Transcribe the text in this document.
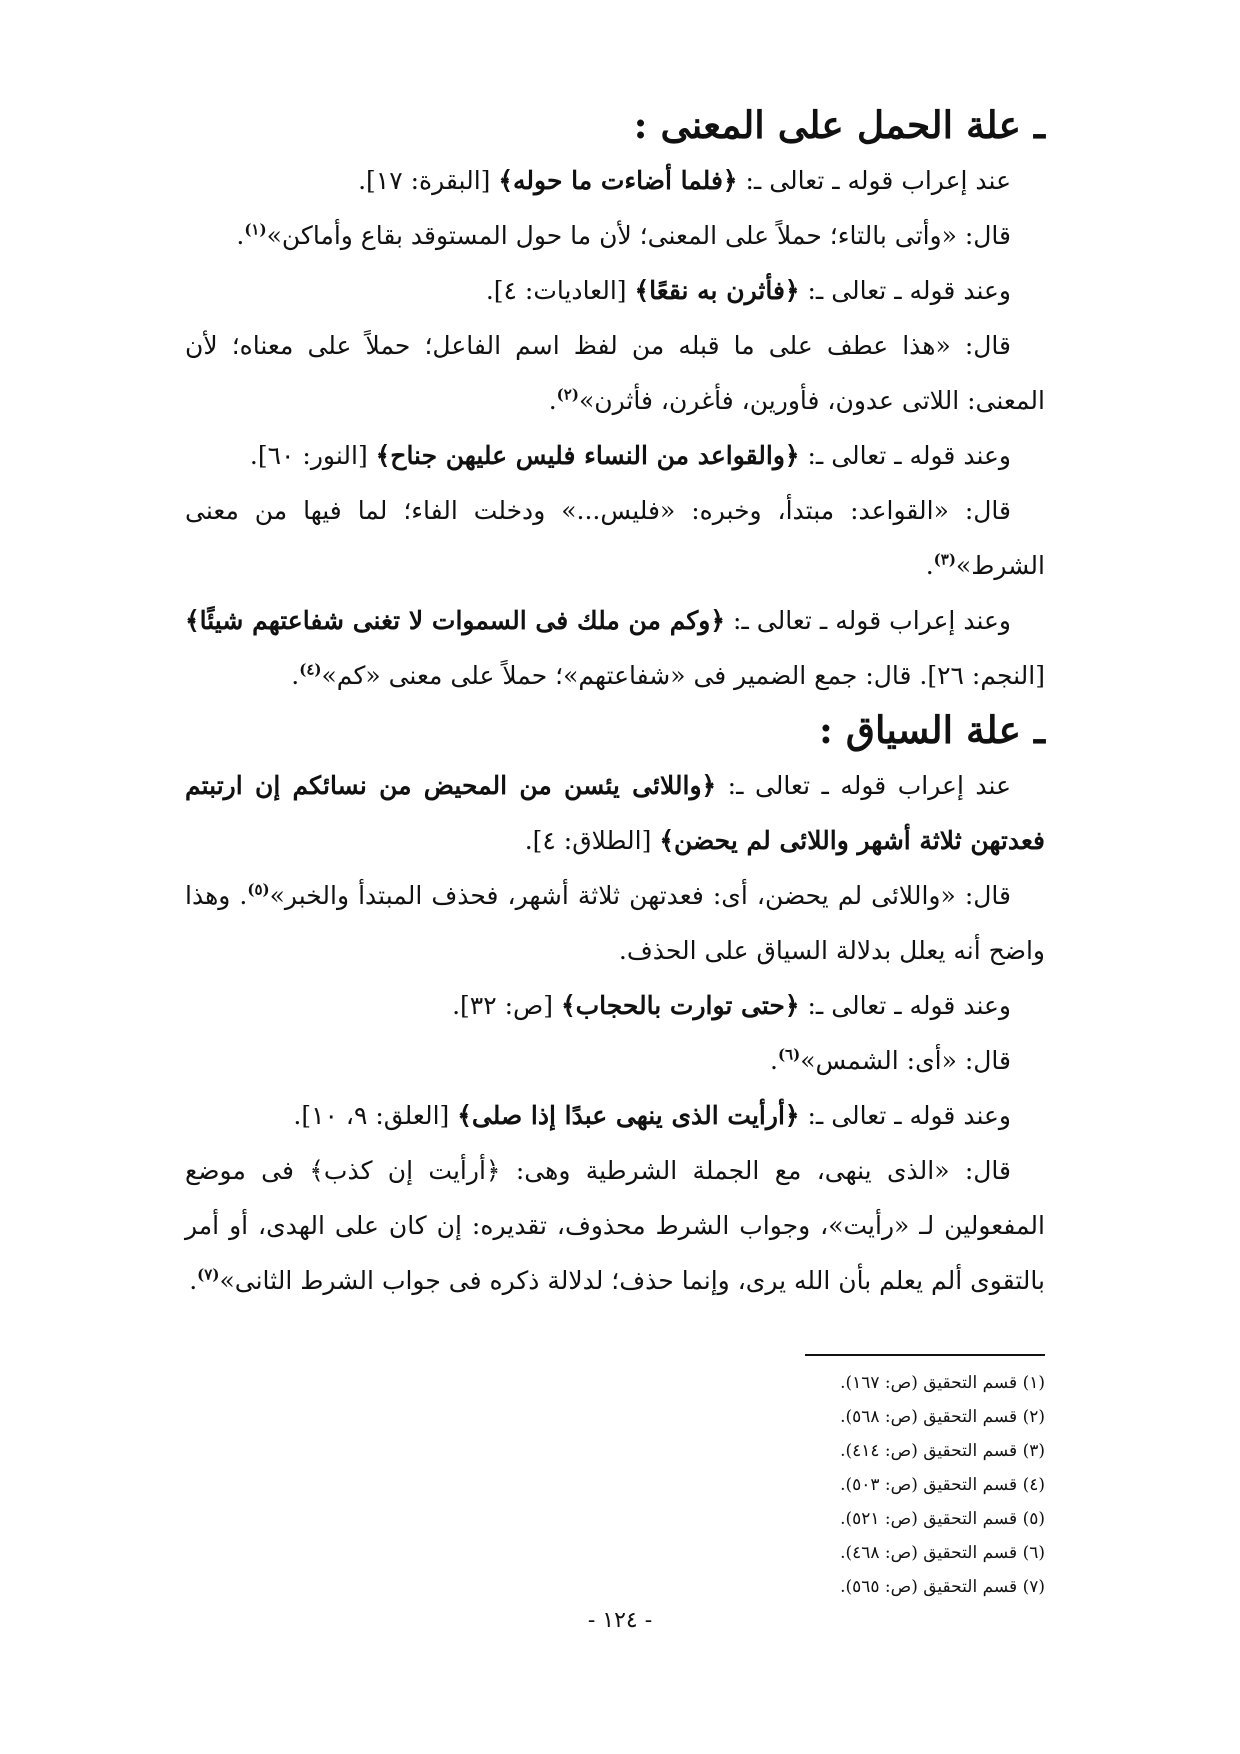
ـ علة الحمل على المعنى :

عند إعراب قوله ـ تعالى ـ: ﴿فلما أضاءت ما حوله﴾ [البقرة: ١٧].

قال: «وأتى بالتاء؛ حملاً على المعنى؛ لأن ما حول المستوقد بقاع وأماكن»$^{(١)}$.

وعند قوله ـ تعالى ـ: ﴿فأثرن به نقعًا﴾ [العاديات: ٤].

قال: «هذا عطف على ما قبله من لفظ اسم الفاعل؛ حملاً على معناه؛ لأن المعنى: اللاتى عدون، فأورين، فأغرن، فأثرن»$^{(٢)}$.

وعند قوله ـ تعالى ـ: ﴿والقواعد من النساء فليس عليهن جناح﴾ [النور: ٦٠].

قال: «القواعد: مبتدأ، وخبره: «فليس...» ودخلت الفاء؛ لما فيها من معنى الشرط»$^{(٣)}$.

وعند إعراب قوله ـ تعالى ـ: ﴿وكم من ملك فى السموات لا تغنى شفاعتهم شيئًا﴾ [النجم: ٢٦]. قال: جمع الضمير فى «شفاعتهم»؛ حملاً على معنى «كم»$^{(٤)}$.

ـ علة السياق :

عند إعراب قوله ـ تعالى ـ: ﴿واللائى يئسن من المحيض من نسائكم إن ارتبتم فعدتهن ثلاثة أشهر واللائى لم يحضن﴾ [الطلاق: ٤].

قال: «واللائى لم يحضن، أى: فعدتهن ثلاثة أشهر، فحذف المبتدأ والخبر»$^{(٥)}$. وهذا واضح أنه يعلل بدلالة السياق على الحذف.

وعند قوله ـ تعالى ـ: ﴿حتى توارت بالحجاب﴾ [ص: ٣٢].

قال: «أى: الشمس»$^{(٦)}$.

وعند قوله ـ تعالى ـ: ﴿أرأيت الذى ينهى عبدًا إذا صلى﴾ [العلق: ٩، ١٠].

قال: «الذى ينهى، مع الجملة الشرطية وهى: ﴿أرأيت إن كذب﴾ فى موضع المفعولين لـ «رأيت»، وجواب الشرط محذوف، تقديره: إن كان على الهدى، أو أمر بالتقوى ألم يعلم بأن الله يرى، وإنما حذف؛ لدلالة ذكره فى جواب الشرط الثانى»$^{(٧)}$.

(١) قسم التحقيق (ص: ١٦٧).
(٢) قسم التحقيق (ص: ٥٦٨).
(٣) قسم التحقيق (ص: ٤١٤).
(٤) قسم التحقيق (ص: ٥٠٣).
(٥) قسم التحقيق (ص: ٥٢١).
(٦) قسم التحقيق (ص: ٤٦٨).
(٧) قسم التحقيق (ص: ٥٦٥).
- ١٢٤ -
